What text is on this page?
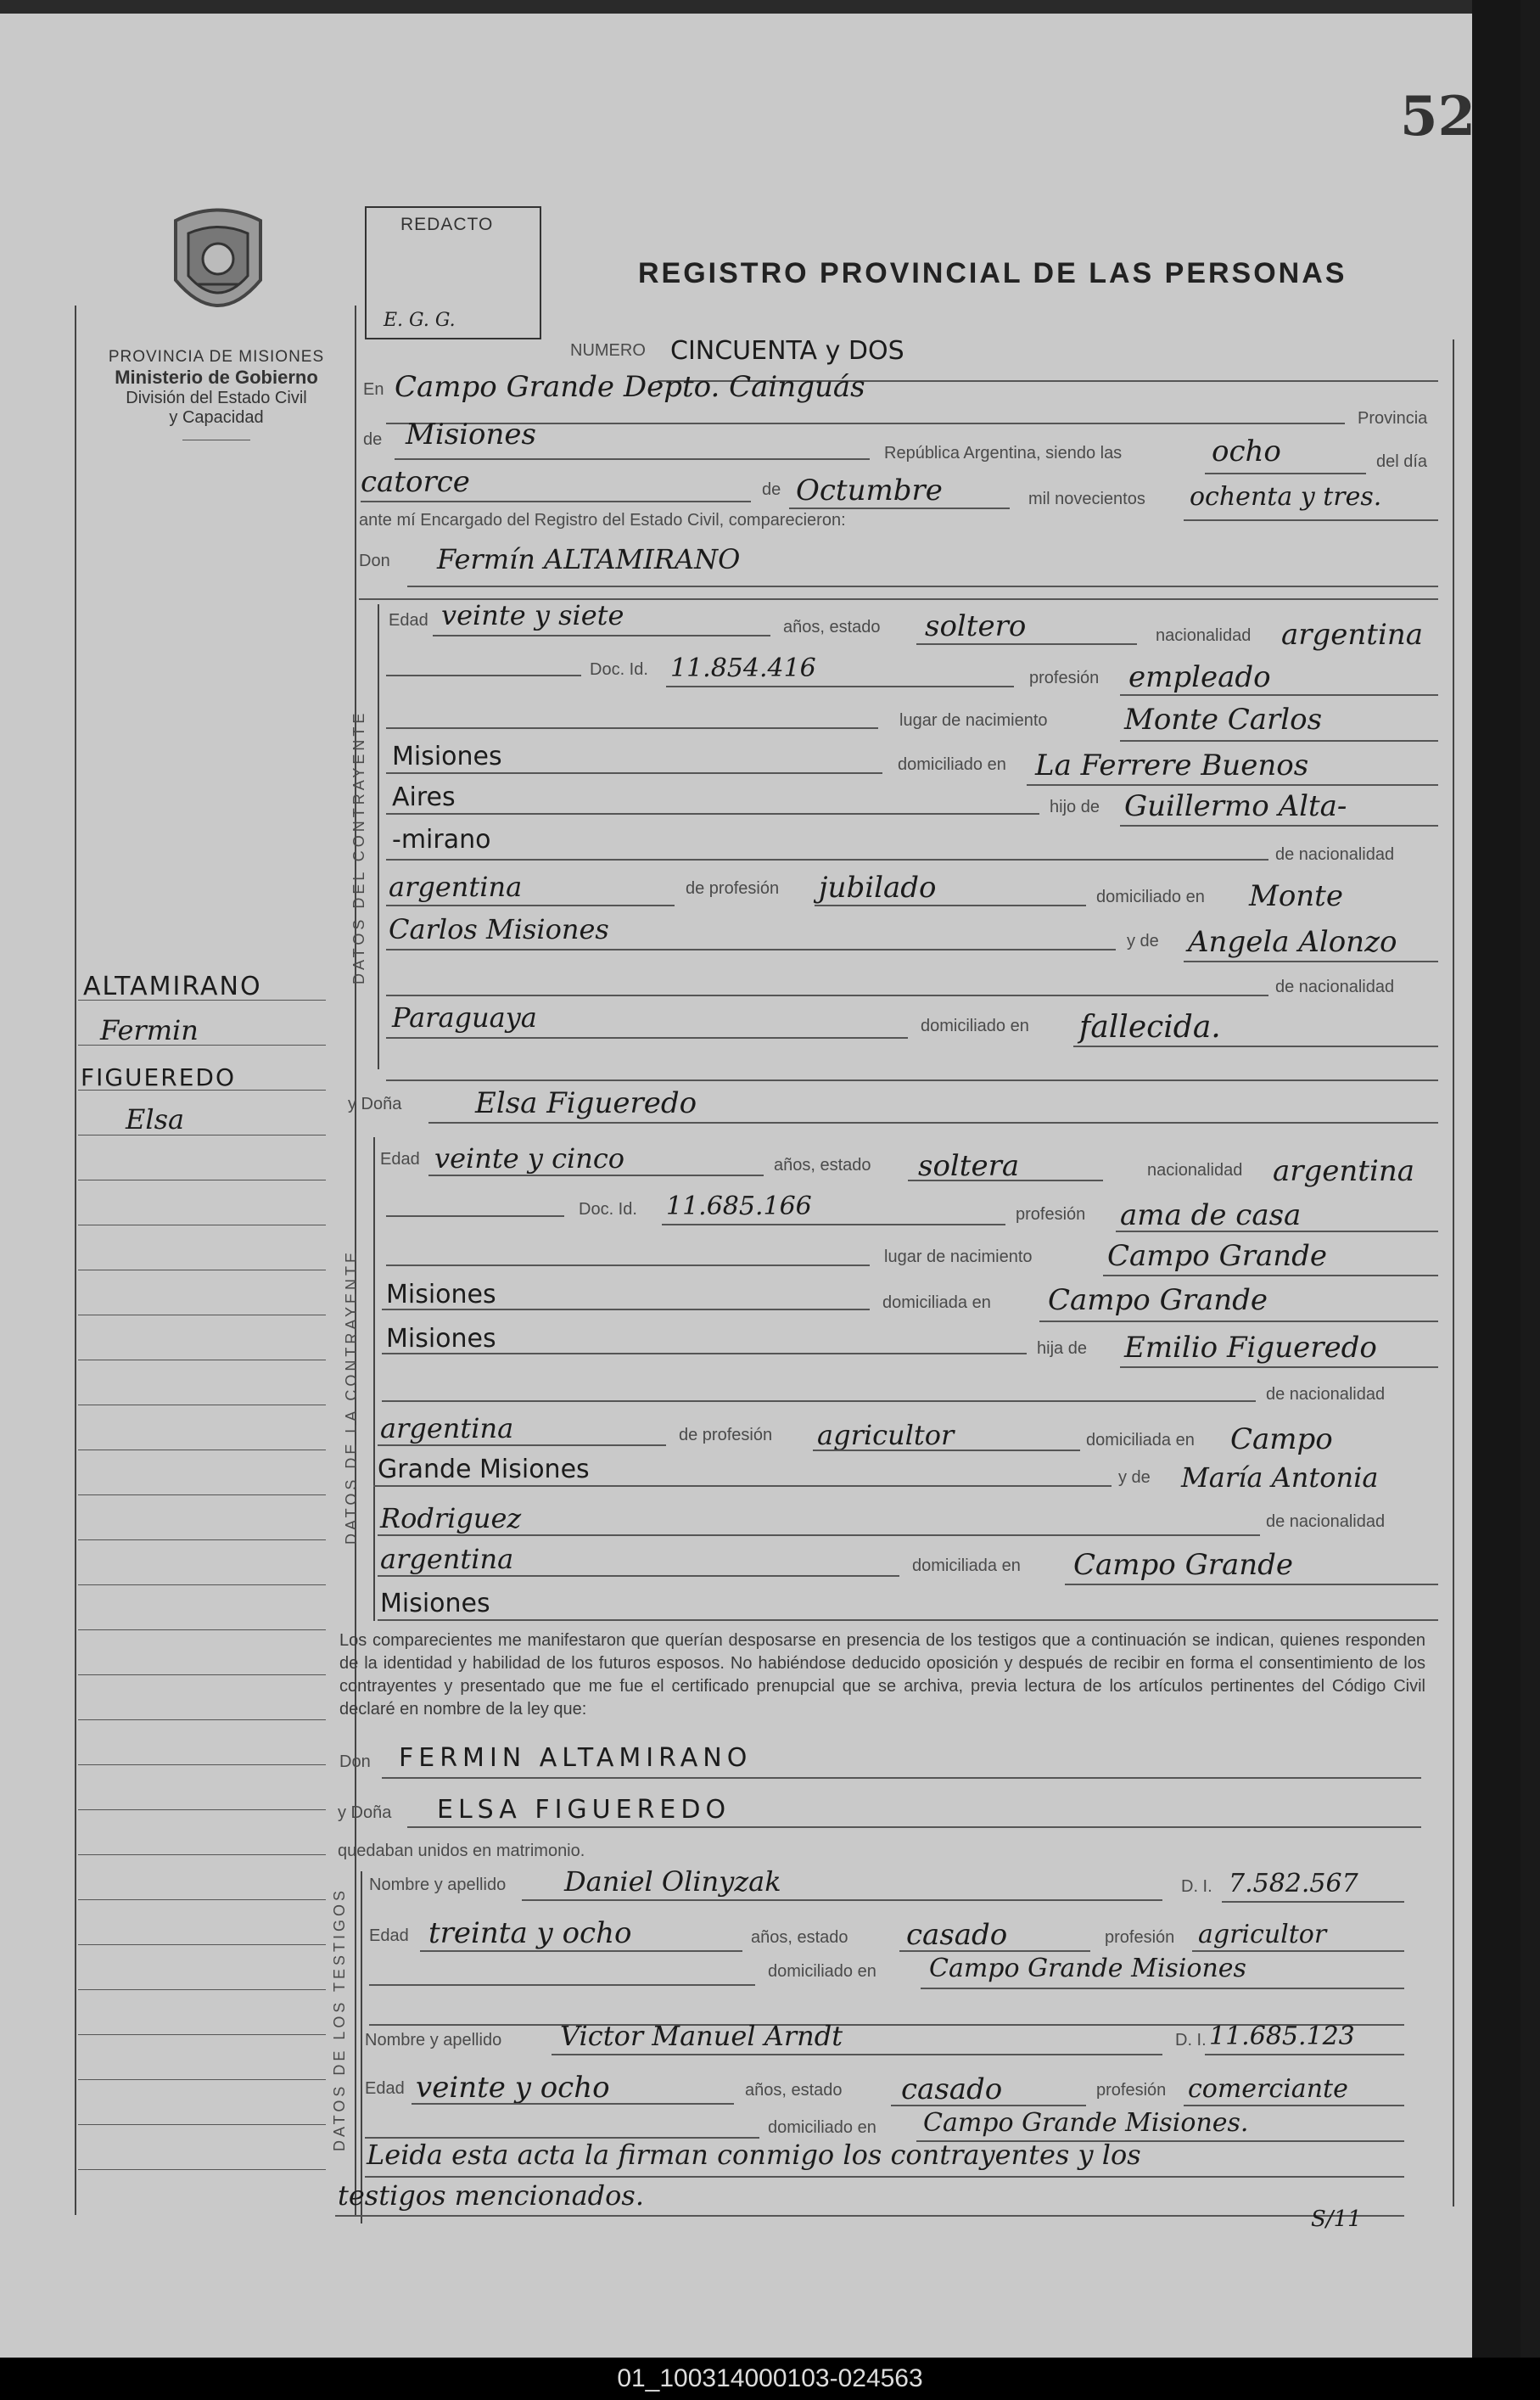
52
PROVINCIA DE MISIONES
Ministerio de Gobierno
División del Estado Civil
y Capacidad
REDACTO
E. G. G.
REGISTRO PROVINCIAL DE LAS PERSONAS
ALTAMIRANO
Fermin
FIGUEREDO
Elsa
NUMERO CINCUENTA y DOS
En Campo Grande Depto. Cainguás
Provincia
de Misiones
República Argentina, siendo las	ocho	del día
catorce	de Octumbre	mil novecientos ochenta y tres.
ante mí Encargado del Registro del Estado Civil, comparecieron:
Don Fermín ALTAMIRANO
DATOS DEL CONTRAYENTE
Edad veinte y siete	años, estado soltero	nacionalidad argentina
Doc. Id. 11.854.416	profesión empleado
lugar de nacimiento	Monte Carlos
Misiones	domiciliado en La Ferrere Buenos
Aires	hijo de Guillermo Alta-
-mirano	de nacionalidad
argentina	de profesión jubilado	domiciliado en Monte
Carlos Misiones	y de Angela Alonzo
de nacionalidad
Paraguaya	domiciliado en fallecida.
y Doña	Elsa Figueredo
DATOS DE LA CONTRAYENTE
Edad veinte y cinco	años, estado soltera	nacionalidad argentina
Doc. Id. 11.685.166	profesión ama de casa
lugar de nacimiento	Campo Grande
Misiones	domiciliada en Campo Grande
Misiones	hija de Emilio Figueredo
de nacionalidad
argentina	de profesión agricultor	domiciliada en Campo
Grande Misiones	y de María Antonia
Rodriguez	de nacionalidad
argentina	domiciliada en Campo Grande
Misiones
Los comparecientes me manifestaron que querían desposarse en presencia de los testigos que a continuación se indican, quienes responden de la identidad y habilidad de los futuros esposos. No habiéndose deducido oposición y después de recibir en forma el consentimiento de los contrayentes y presentado que me fue el certificado prenupcial que se archiva, previa lectura de los artículos pertinentes del Código Civil declaré en nombre de la ley que:
Don FERMIN ALTAMIRANO
y Doña ELSA FIGUEREDO
quedaban unidos en matrimonio.
DATOS DE LOS TESTIGOS
Nombre y apellido Daniel Olinyzak	D. I. 7.582.567
Edad treinta y ocho	años, estado casado	profesión agricultor
domiciliado en Campo Grande Misiones
Nombre y apellido Victor Manuel Arndt	D. I. 11.685.123
Edad veinte y ocho	años, estado casado	profesión comerciante
domiciliado en Campo Grande Misiones.
Leida esta acta la firman conmigo los contrayentes y los
testigos mencionados.
S/11
01_100314000103-024563
